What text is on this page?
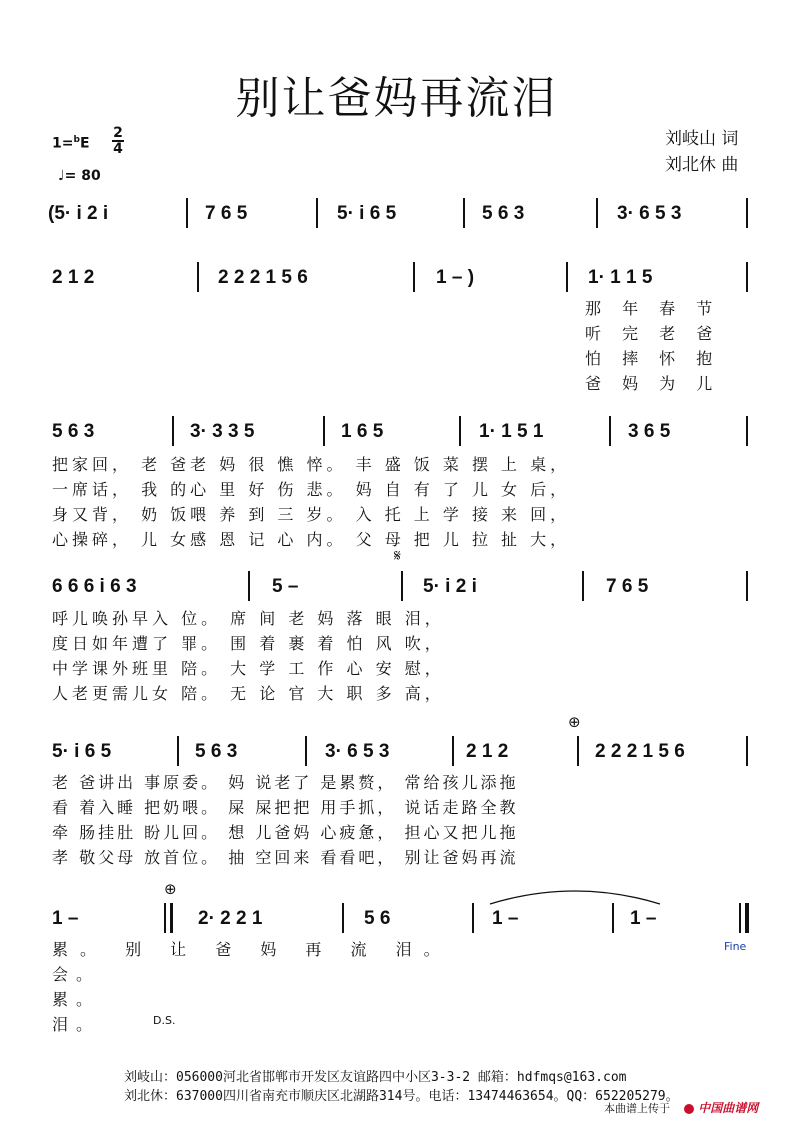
别让爸妈再流泪
刘岐山 词
刘北休 曲
1=$^b$E
2
4
♩= 80
(5· i 2 i	7 6 5	5· i 6 5	5 6 3	3· 6 5 3
2 1 2	2 2 2 1 5 6	1 – )	1· 1 1 5
那 年 春 节
听 完 老 爸
怕 摔 怀 抱
爸 妈 为 儿
5 6 3	3· 3 3 5	1 6 5	1· 1 5 1	3 6 5
把家回， 老 爸老 妈 很 憔 悴。 丰 盛 饭 菜 摆 上 桌，
一席话， 我 的心 里 好 伤 悲。 妈 自 有 了 儿 女 后，
身又背， 奶 饭喂 养 到 三 岁。 入 托 上 学 接 来 回，
心操碎， 儿 女感 恩 记 心 内。 父 母 把 儿 拉 扯 大，
𝄋
6 6 6 i 6 3	5 –	5· i 2 i	7 6 5
呼儿唤孙早入 位。 席 间 老 妈 落 眼 泪，
度日如年遭了 罪。 围 着 裹 着 怕 风 吹，
中学课外班里 陪。 大 学 工 作 心 安 慰，
人老更需儿女 陪。 无 论 官 大 职 多 高，
⊕
5· i 6 5	5 6 3	3· 6 5 3	2 1 2	2 2 2 1 5 6
老 爸讲出 事原委。 妈 说老了 是累赘， 常给孩儿添拖
看 着入睡 把奶喂。 屎 屎把把 用手抓， 说话走路全教
牵 肠挂肚 盼儿回。 想 儿爸妈 心疲惫， 担心又把儿拖
孝 敬父母 放首位。 抽 空回来 看看吧， 别让爸妈再流
⊕
1 –	2· 2 2 1	5 6	1 –	1 –
累。 别 让 爸 妈 再 流 泪。
会。
累。
泪。
Fine
D.S.
刘岐山：056000河北省邯郸市开发区友谊路四中小区3-3-2 邮箱：hdfmqs@163.com
刘北休：637000四川省南充市顺庆区北湖路314号。电话：13474463654。QQ：652205279。
本曲谱上传于	中国曲谱网
